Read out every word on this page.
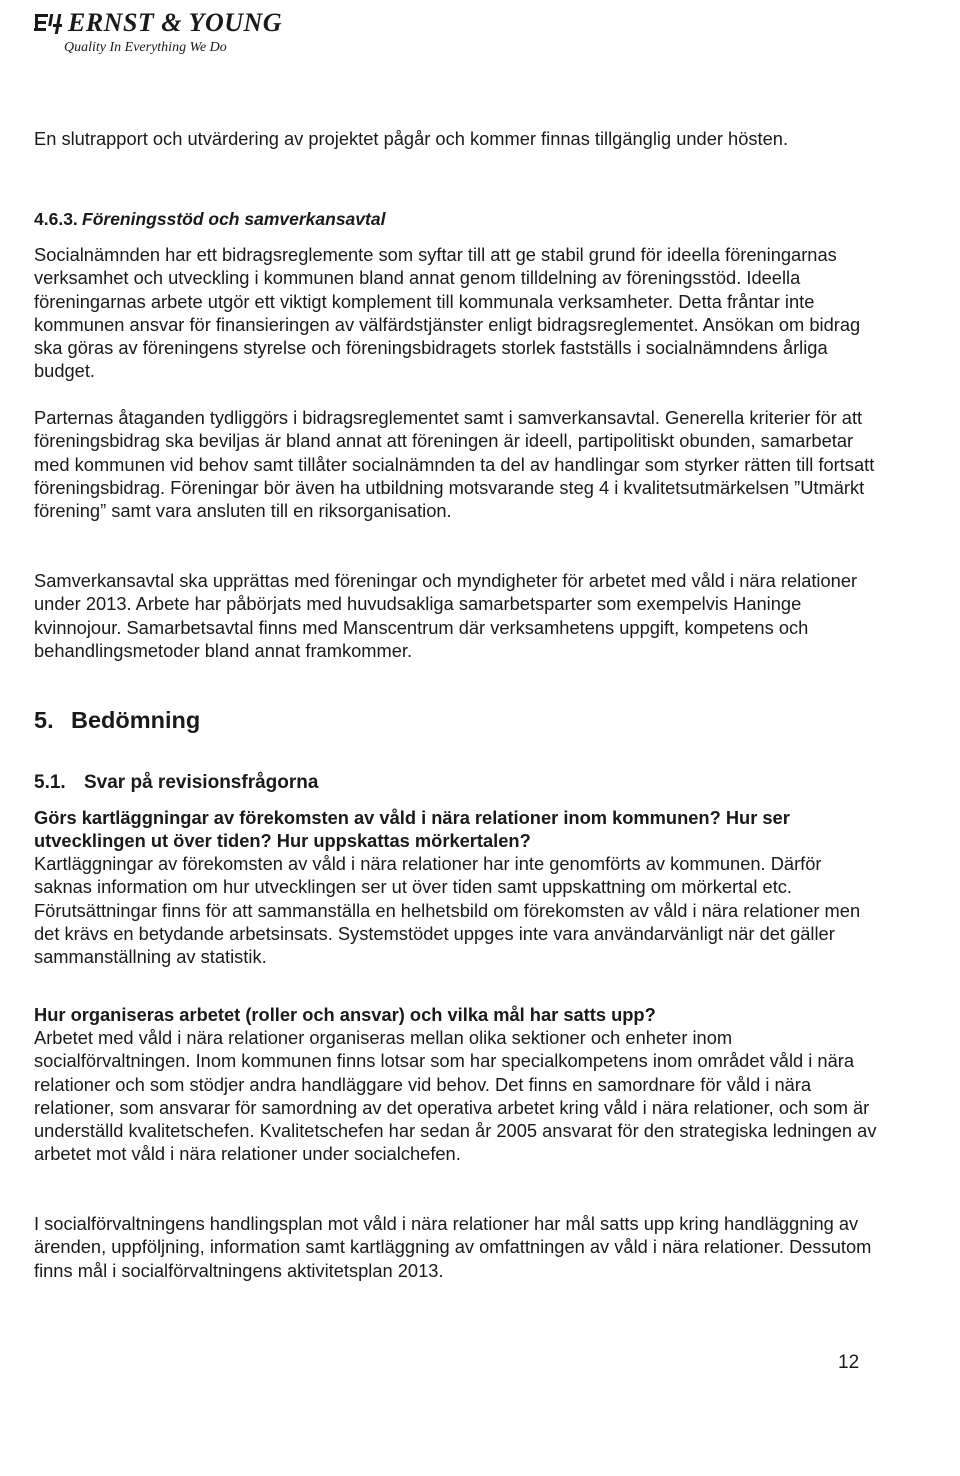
ERNST & YOUNG
Quality In Everything We Do

En slutrapport och utvärdering av projektet pågår och kommer finnas tillgänglig under hösten.

4.6.3. Föreningsstöd och samverkansavtal

Socialnämnden har ett bidragsreglemente som syftar till att ge stabil grund för ideella föreningarnas verksamhet och utveckling i kommunen bland annat genom tilldelning av föreningsstöd. Ideella föreningarnas arbete utgör ett viktigt komplement till kommunala verksamheter. Detta fråntar inte kommunen ansvar för finansieringen av välfärdstjänster enligt bidragsreglementet. Ansökan om bidrag ska göras av föreningens styrelse och föreningsbidragets storlek fastställs i socialnämndens årliga budget.

Parternas åtaganden tydliggörs i bidragsreglementet samt i samverkansavtal. Generella kriterier för att föreningsbidrag ska beviljas är bland annat att föreningen är ideell, partipolitiskt obunden, samarbetar med kommunen vid behov samt tillåter socialnämnden ta del av handlingar som styrker rätten till fortsatt föreningsbidrag. Föreningar bör även ha utbildning motsvarande steg 4 i kvalitetsutmärkelsen ”Utmärkt förening” samt vara ansluten till en riksorganisation.

Samverkansavtal ska upprättas med föreningar och myndigheter för arbetet med våld i nära relationer under 2013. Arbete har påbörjats med huvudsakliga samarbetsparter som exempelvis Haninge kvinnojour. Samarbetsavtal finns med Manscentrum där verksamhetens uppgift, kompetens och behandlingsmetoder bland annat framkommer.

5. Bedömning
5.1. Svar på revisionsfrågorna

Görs kartläggningar av förekomsten av våld i nära relationer inom kommunen? Hur ser utvecklingen ut över tiden? Hur uppskattas mörkertalen?

Kartläggningar av förekomsten av våld i nära relationer har inte genomförts av kommunen. Därför saknas information om hur utvecklingen ser ut över tiden samt uppskattning om mörkertal etc. Förutsättningar finns för att sammanställa en helhetsbild om förekomsten av våld i nära relationer men det krävs en betydande arbetsinsats. Systemstödet uppges inte vara användarvänligt när det gäller sammanställning av statistik.

Hur organiseras arbetet (roller och ansvar) och vilka mål har satts upp?

Arbetet med våld i nära relationer organiseras mellan olika sektioner och enheter inom socialförvaltningen. Inom kommunen finns lotsar som har specialkompetens inom området våld i nära relationer och som stödjer andra handläggare vid behov. Det finns en samordnare för våld i nära relationer, som ansvarar för samordning av det operativa arbetet kring våld i nära relationer, och som är underställd kvalitetschefen. Kvalitetschefen har sedan år 2005 ansvarat för den strategiska ledningen av arbetet mot våld i nära relationer under socialchefen.

I socialförvaltningens handlingsplan mot våld i nära relationer har mål satts upp kring handläggning av ärenden, uppföljning, information samt kartläggning av omfattningen av våld i nära relationer. Dessutom finns mål i socialförvaltningens aktivitetsplan 2013.

12
